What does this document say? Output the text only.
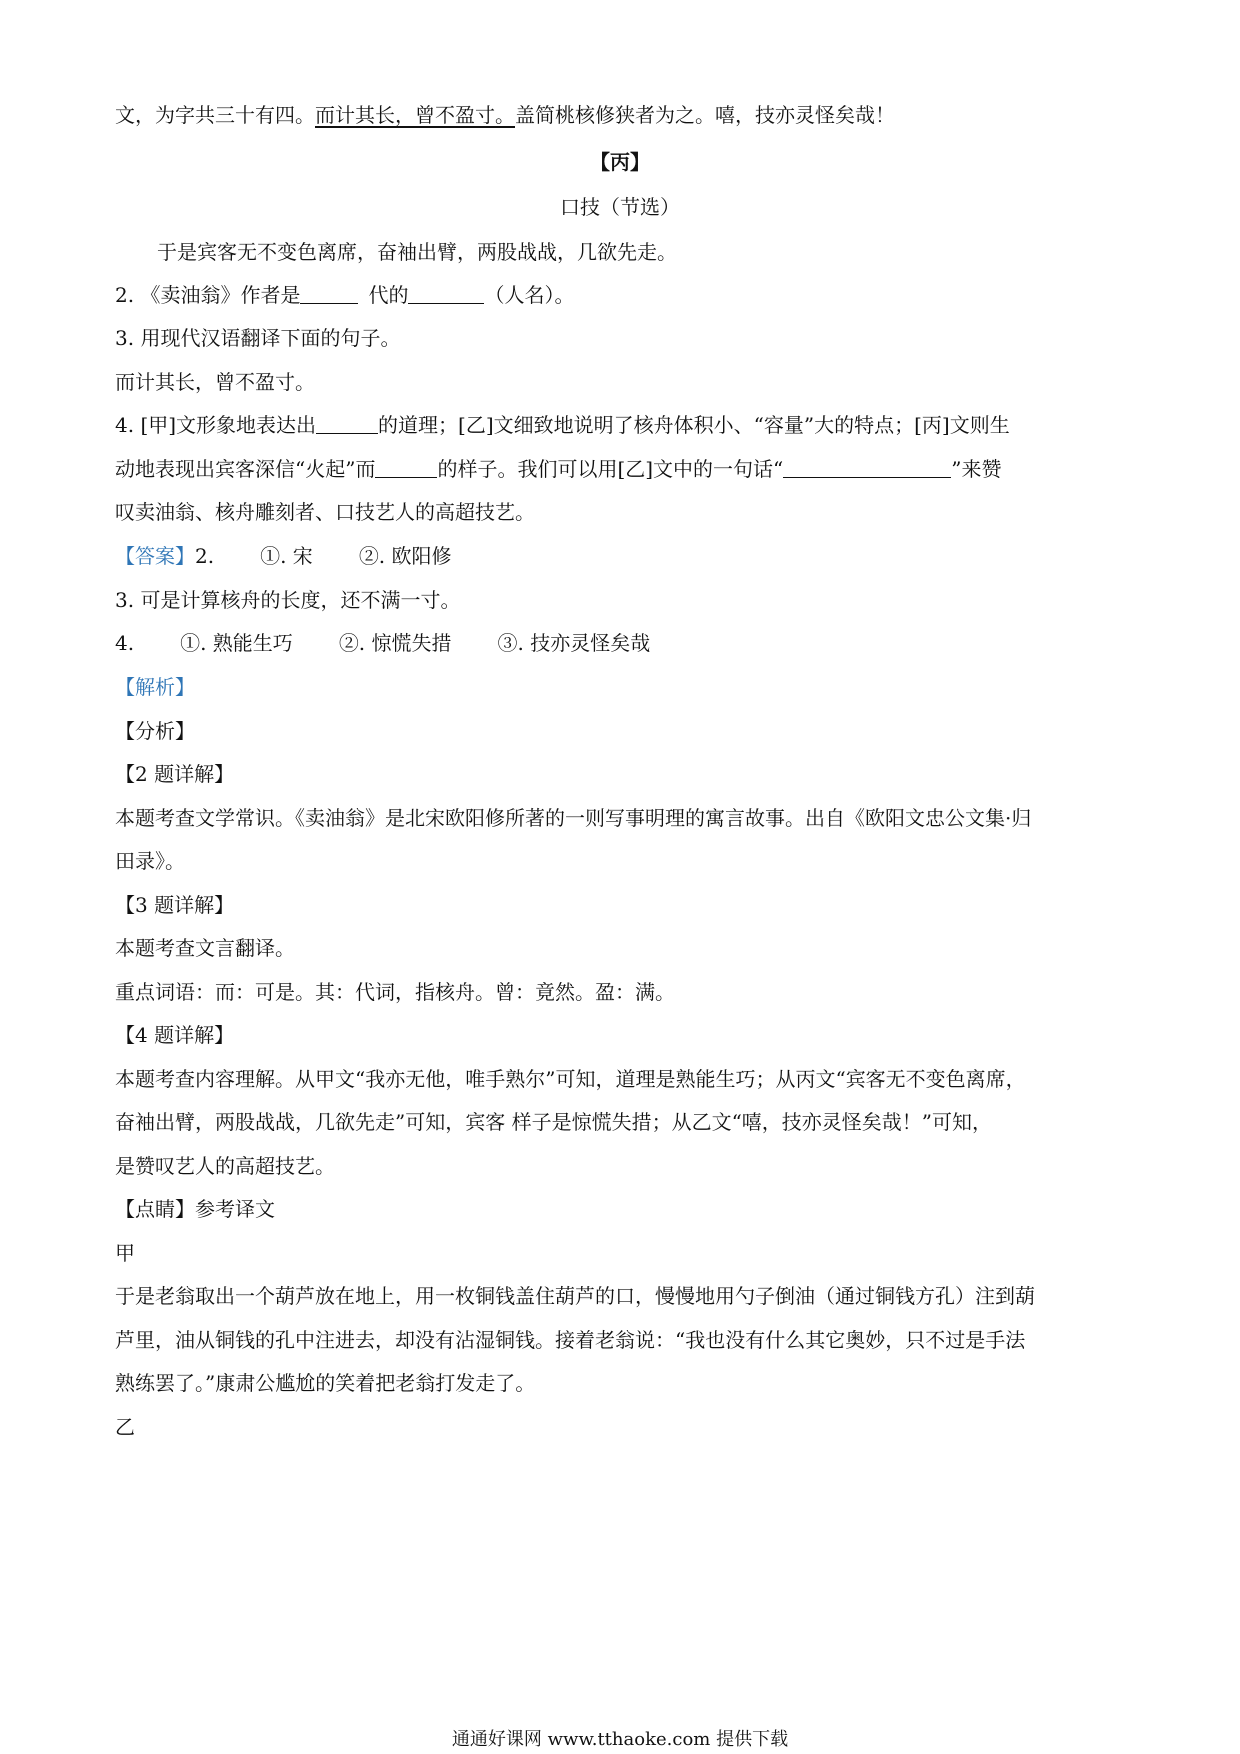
文，为字共三十有四。而计其长，曾不盈寸。盖简桃核修狭者为之。嘻，技亦灵怪矣哉！
【丙】
口技（节选）
于是宾客无不变色离席，奋袖出臂，两股战战，几欲先走。
2. 《卖油翁》作者是	代的	（人名）。
3. 用现代汉语翻译下面的句子。
而计其长，曾不盈寸。
4. [甲]文形象地表达出	的道理；[乙]文细致地说明了核舟体积小、“容量”大的特点；[丙]文则生
动地表现出宾客深信“火起”而	的样子。我们可以用[乙]文中的一句话“	”来赞
叹卖油翁、核舟雕刻者、口技艺人的高超技艺。
【答案】2. ①. 宋 ②. 欧阳修
3. 可是计算核舟的长度，还不满一寸。
4. ①. 熟能生巧 ②. 惊慌失措 ③. 技亦灵怪矣哉
【解析】
【分析】
【2 题详解】
本题考查文学常识。《卖油翁》是北宋欧阳修所著的一则写事明理的寓言故事。出自《欧阳文忠公文集·归
田录》。
【3 题详解】
本题考查文言翻译。
重点词语：而：可是。其：代词，指核舟。曾：竟然。盈：满。
【4 题详解】
本题考查内容理解。从甲文“我亦无他，唯手熟尔”可知，道理是熟能生巧；从丙文“宾客无不变色离席，
奋袖出臂，两股战战，几欲先走”可知，宾客 样子是惊慌失措；从乙文“嘻，技亦灵怪矣哉！”可知，
是赞叹艺人的高超技艺。
【点睛】参考译文
甲
于是老翁取出一个葫芦放在地上，用一枚铜钱盖住葫芦的口，慢慢地用勺子倒油（通过铜钱方孔）注到葫
芦里，油从铜钱的孔中注进去，却没有沾湿铜钱。接着老翁说：“我也没有什么其它奥妙，只不过是手法
熟练罢了。”康肃公尴尬的笑着把老翁打发走了。
乙
通通好课网 www.tthaoke.com 提供下载
